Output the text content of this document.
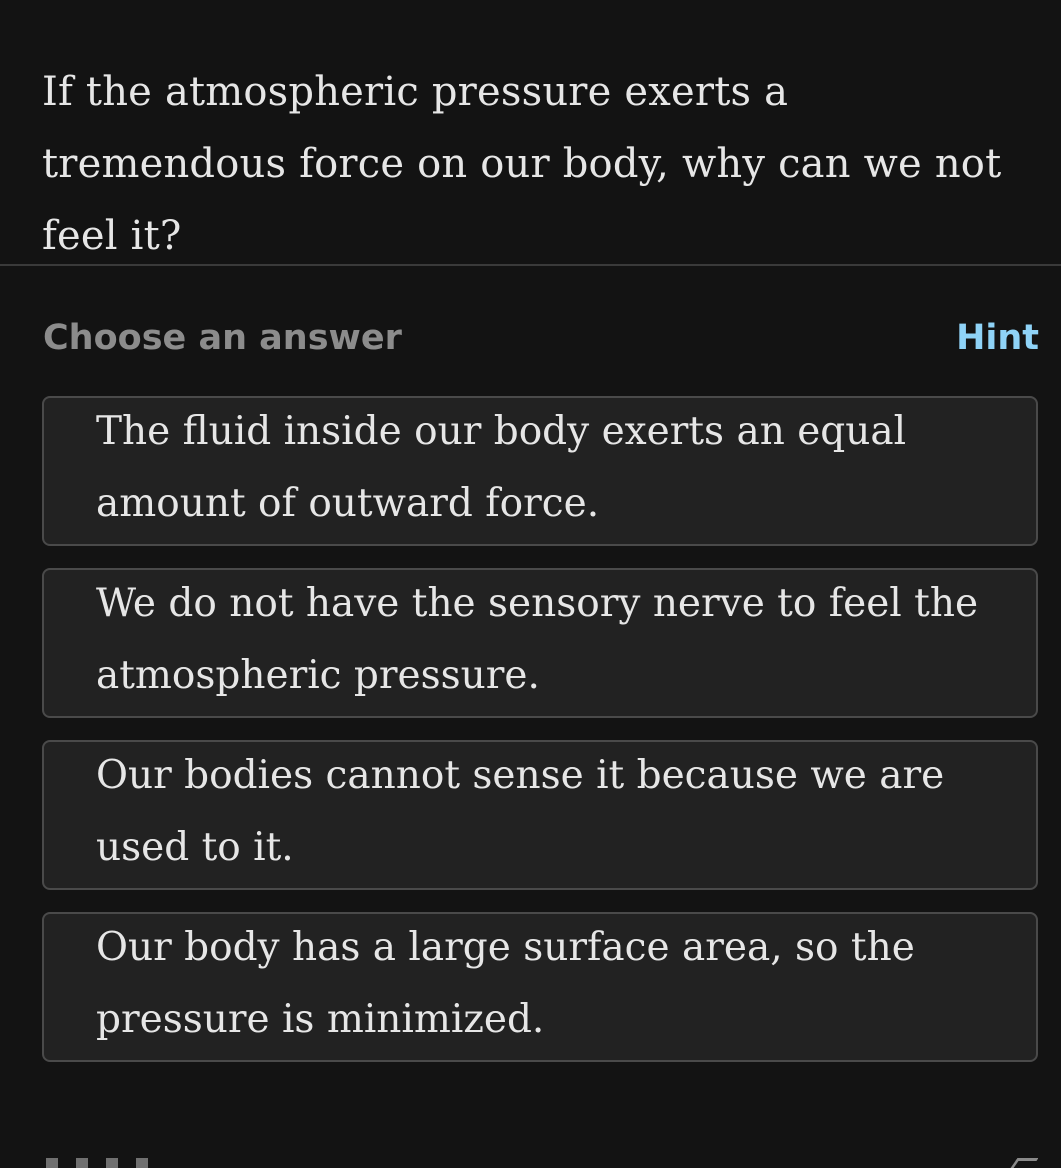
If the atmospheric pressure exerts a tremendous force on our body, why can we not feel it?
Choose an answer	Hint
The fluid inside our body exerts an equal amount of outward force.
We do not have the sensory nerve to feel the atmospheric pressure.
Our bodies cannot sense it because we are used to it.
Our body has a large surface area, so the pressure is minimized.
